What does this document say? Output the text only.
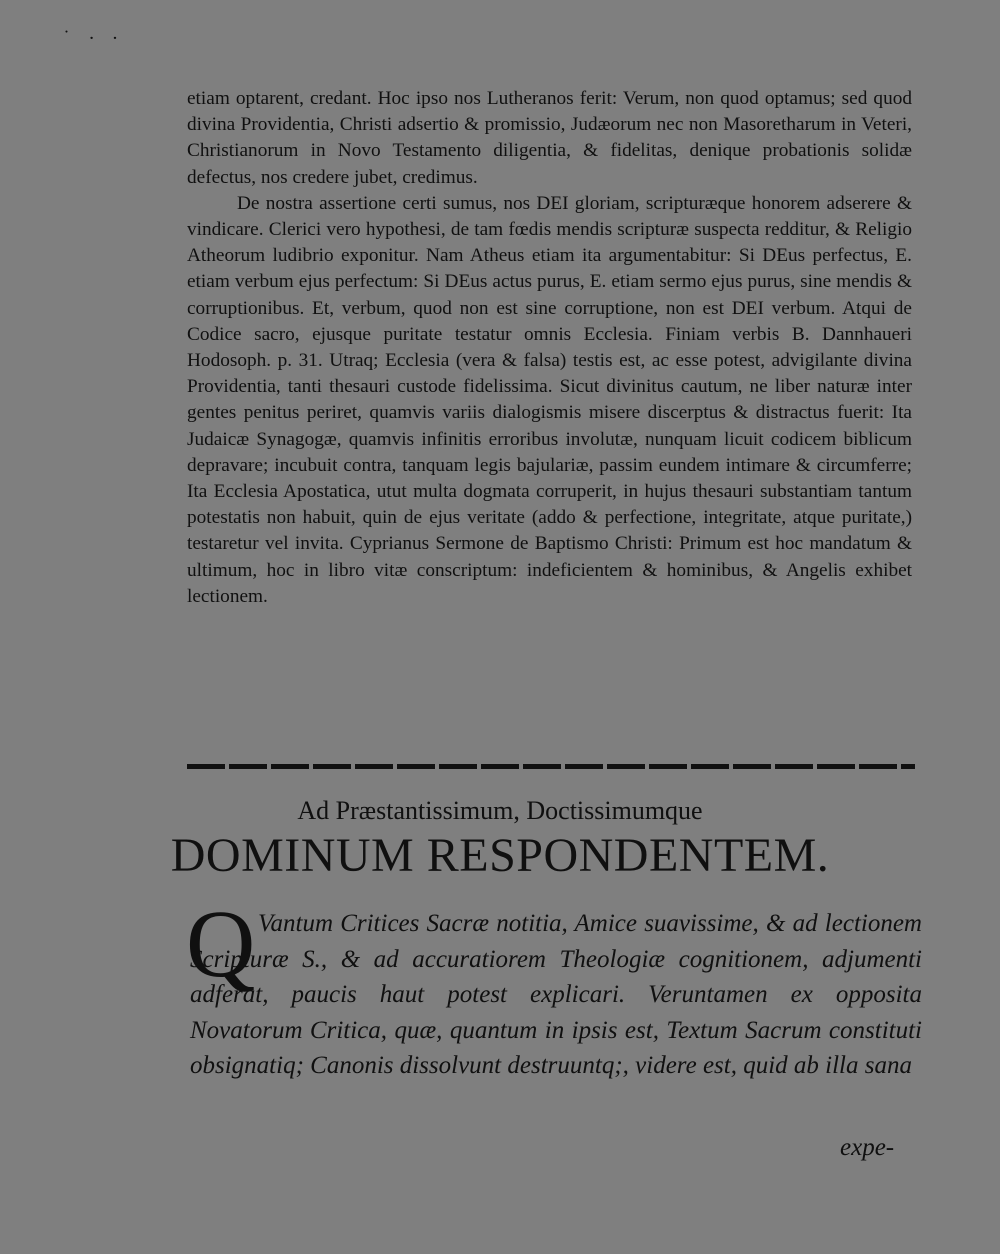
˙ · ·

etiam optarent, credant. Hoc ipso nos Lutheranos ferit: Verum, non quod optamus; sed quod divina Providentia, Christi adsertio & promissio, Judæorum nec non Masoretharum in Veteri, Christianorum in Novo Testamento diligentia, & fidelitas, denique probationis solidæ defectus, nos credere jubet, credimus.

De nostra assertione certi sumus, nos DEI gloriam, scripturæque honorem adserere & vindicare. Clerici vero hypothesi, de tam fœdis mendis scripturæ suspecta redditur, & Religio Atheorum ludibrio exponitur. Nam Atheus etiam ita argumentabitur: Si DEus perfectus, E. etiam verbum ejus perfectum: Si DEus actus purus, E. etiam sermo ejus purus, sine mendis & corruptionibus. Et, verbum, quod non est sine corruptione, non est DEI verbum. Atqui de Codice sacro, ejusque puritate testatur omnis Ecclesia. Finiam verbis B. Dannhaueri Hodosoph. p. 31. Utraq; Ecclesia (vera & falsa) testis est, ac esse potest, advigilante divina Providentia, tanti thesauri custode fidelissima. Sicut divinitus cautum, ne liber naturæ inter gentes penitus periret, quamvis variis dialogismis misere discerptus & distractus fuerit: Ita Judaicæ Synagogæ, quamvis infinitis erroribus involutæ, nunquam licuit codicem biblicum depravare; incubuit contra, tanquam legis bajulariæ, passim eundem intimare & circumferre; Ita Ecclesia Apostatica, utut multa dogmata corruperit, in hujus thesauri substantiam tantum potestatis non habuit, quin de ejus veritate (addo & perfectione, integritate, atque puritate,) testaretur vel invita. Cyprianus Sermone de Baptismo Christi: Primum est hoc mandatum & ultimum, hoc in libro vitæ conscriptum: indeficientem & hominibus, & Angelis exhibet lectionem.

Ad Præstantissimum, Doctissimumque
DOMINUM RESPONDENTEM.
Q Vantum Critices Sacræ notitia, Amice suavissime, & ad lectionem Scripturæ S., & ad accuratiorem Theologiæ cognitionem, adjumenti adferat, paucis haut potest explicari. Veruntamen ex opposita Novatorum Critica, quæ, quantum in ipsis est, Textum Sacrum constituti obsignatiq; Canonis dissolvunt destruuntq;, videre est, quid ab illa sana

expe-
